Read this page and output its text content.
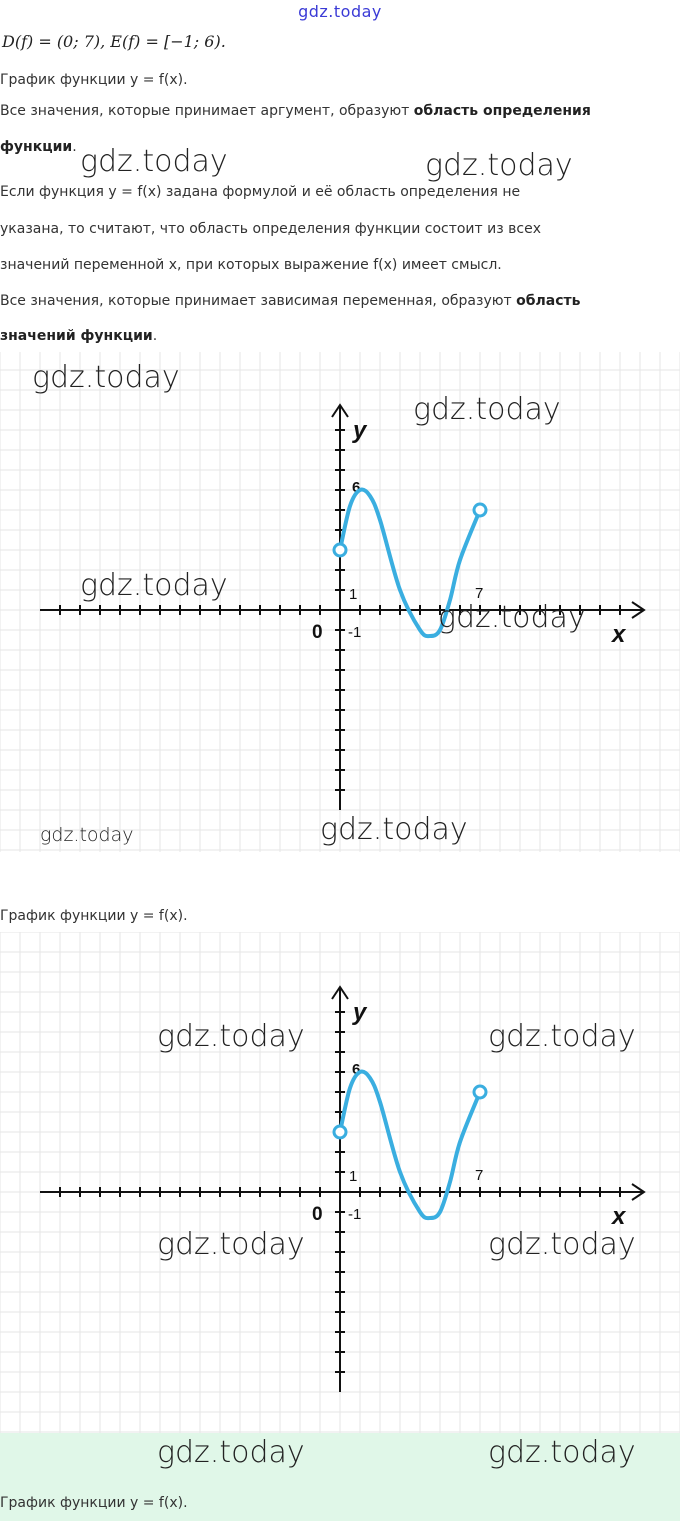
gdz.today
D(f) = (0; 7), E(f) = [−1; 6).
График функции y = f(x).
Все значения, которые принимает аргумент, образуют область определения
функции.
Если функция y = f(x) задана формулой и её область определения не
указана, то считают, что область определения функции состоит из всех
значений переменной x, при которых выражение f(x) имеет смысл.
Все значения, которые принимает зависимая переменная, образуют область
значений функции.
y
x
0
1
-1
6
7
График функции y = f(x).
y
x
0
1
-1
6
7
График функции y = f(x).
gdz.today	gdz.today
gdz.today
gdz.today
gdz.today
gdz.today
gdz.today	gdz.today
gdz.today	gdz.today
gdz.today	gdz.today
gdz.today	gdz.today
